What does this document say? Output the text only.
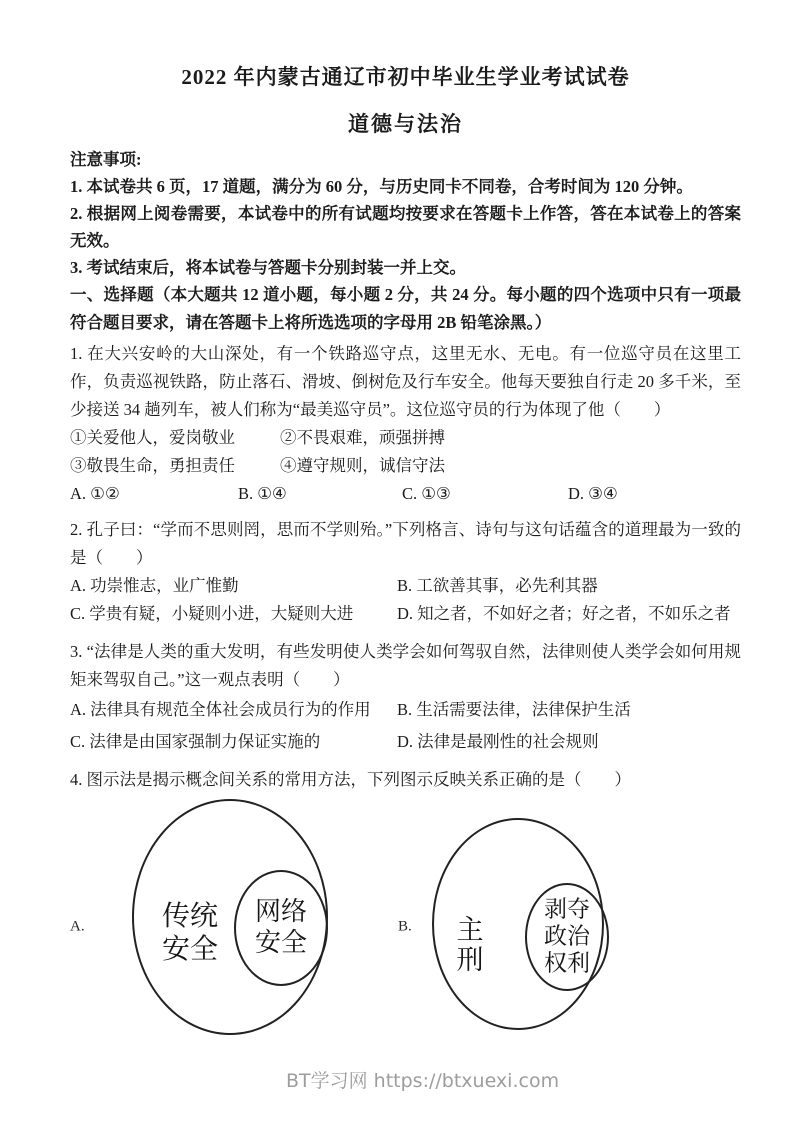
2022 年内蒙古通辽市初中毕业生学业考试试卷
道德与法治

注意事项:

1. 本试卷共 6 页，17 道题，满分为 60 分，与历史同卡不同卷，合考时间为 120 分钟。

2. 根据网上阅卷需要，本试卷中的所有试题均按要求在答题卡上作答，答在本试卷上的答案无效。

3. 考试结束后，将本试卷与答题卡分别封装一并上交。

一、选择题（本大题共 12 道小题，每小题 2 分，共 24 分。每小题的四个选项中只有一项最符合题目要求，请在答题卡上将所选选项的字母用 2B 铅笔涂黑。）

1. 在大兴安岭的大山深处，有一个铁路巡守点，这里无水、无电。有一位巡守员在这里工作，负责巡视铁路，防止落石、滑坡、倒树危及行车安全。他每天要独自行走 20 多千米，至少接送 34 趟列车，被人们称为“最美巡守员”。这位巡守员的行为体现了他（　　）

①关爱他人，爱岗敬业	②不畏艰难，顽强拼搏
③敬畏生命，勇担责任	④遵守规则，诚信守法
A. ①②	B. ①④	C. ①③	D. ③④

2. 孔子曰：“学而不思则罔，思而不学则殆。”下列格言、诗句与这句话蕴含的道理最为一致的是（　　）

A. 功崇惟志，业广惟勤	B. 工欲善其事，必先利其器
C. 学贵有疑，小疑则小进，大疑则大进	D. 知之者，不如好之者；好之者，不如乐之者

3. “法律是人类的重大发明，有些发明使人类学会如何驾驭自然，法律则使人类学会如何用规矩来驾驭自己。”这一观点表明（　　）

A. 法律具有规范全体社会成员行为的作用	B. 生活需要法律，法律保护生活
C. 法律是由国家强制力保证实施的	D. 法律是最刚性的社会规则

4. 图示法是揭示概念间关系的常用方法，下列图示反映关系正确的是（　　）

A.	传统
安全
网络
安全
B. 主
刑
剥夺
政治
权利
BT学习网 https://btxuexi.com
